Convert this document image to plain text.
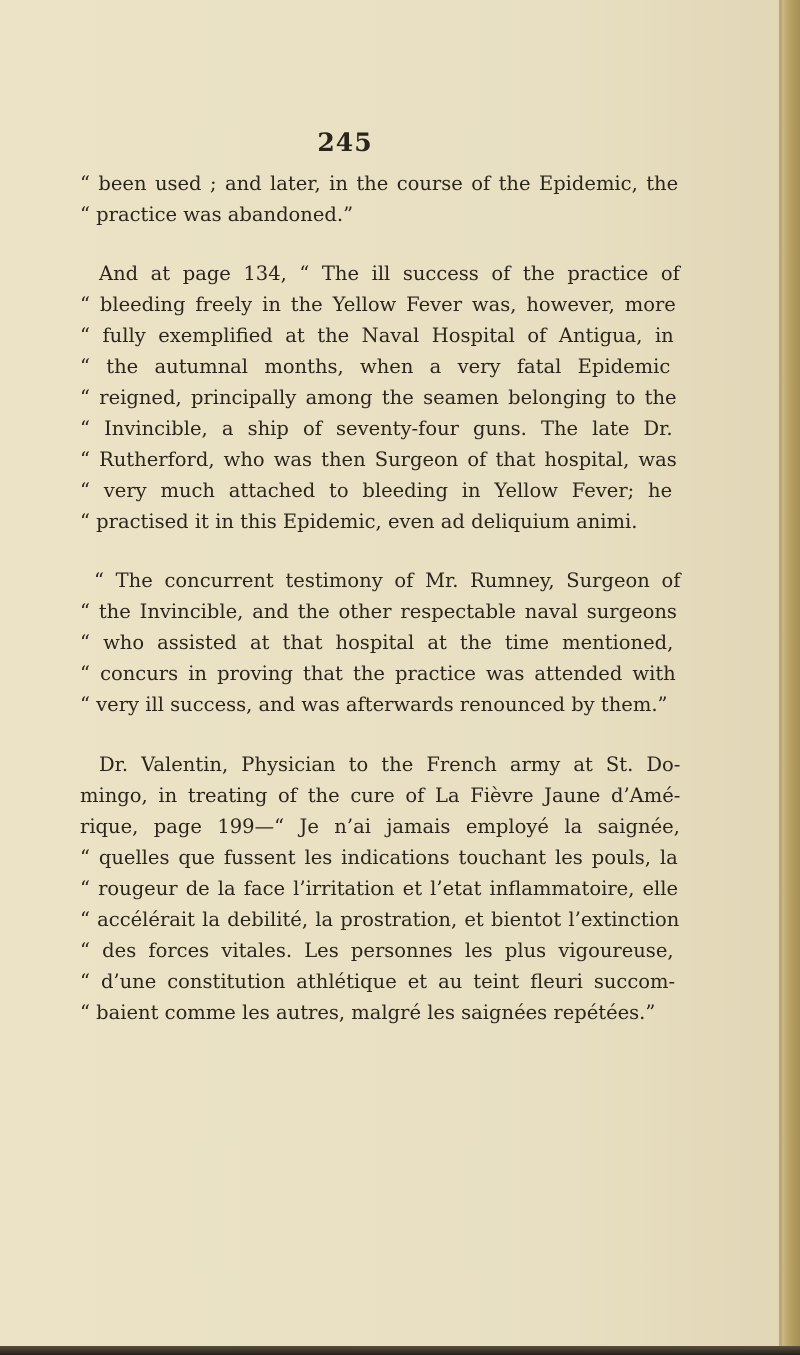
245
“ been used ; and later, in the course of the Epidemic, the
“ practice was abandoned.”
And at page 134, “ The ill success of the practice of
“ bleeding freely in the Yellow Fever was, however, more
“ fully exemplified at the Naval Hospital of Antigua, in
“ the autumnal months, when a very fatal Epidemic
“ reigned, principally among the seamen belonging to the
“ Invincible, a ship of seventy-four guns. The late Dr.
“ Rutherford, who was then Surgeon of that hospital, was
“ very much attached to bleeding in Yellow Fever; he
“ practised it in this Epidemic, even ad deliquium animi.
“ The concurrent testimony of Mr. Rumney, Surgeon of
“ the Invincible, and the other respectable naval surgeons
“ who assisted at that hospital at the time mentioned,
“ concurs in proving that the practice was attended with
“ very ill success, and was afterwards renounced by them.”
Dr. Valentin, Physician to the French army at St. Do-
mingo, in treating of the cure of La Fièvre Jaune d’Amé-
rique, page 199—“ Je n’ai jamais employé la saignée,
“ quelles que fussent les indications touchant les pouls, la
“ rougeur de la face l’irritation et l’etat inflammatoire, elle
“ accélérait la debilité, la prostration, et bientot l’extinction
“ des forces vitales. Les personnes les plus vigoureuse,
“ d’une constitution athlétique et au teint fleuri succom-
“ baient comme les autres, malgré les saignées repétées.”
